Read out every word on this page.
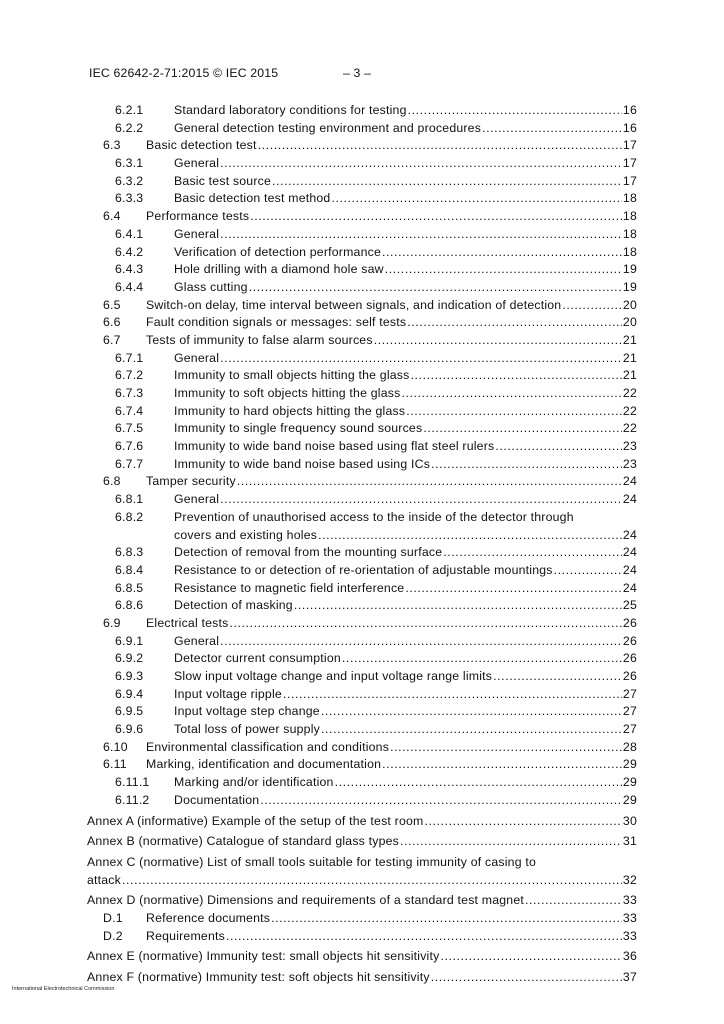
IEC 62642-2-71:2015 © IEC 2015	– 3 –
6.2.1 Standard laboratory conditions for testing .....	16
6.2.2 General detection testing environment and procedures .....	16
6.3 Basic detection test .....	17
6.3.1 General .....	17
6.3.2 Basic test source .....	17
6.3.3 Basic detection test method .....	18
6.4 Performance tests .....	18
6.4.1 General .....	18
6.4.2 Verification of detection performance .....	18
6.4.3 Hole drilling with a diamond hole saw .....	19
6.4.4 Glass cutting .....	19
6.5 Switch-on delay, time interval between signals, and indication of detection .....	20
6.6 Fault condition signals or messages: self tests .....	20
6.7 Tests of immunity to false alarm sources .....	21
6.7.1 General .....	21
6.7.2 Immunity to small objects hitting the glass .....	21
6.7.3 Immunity to soft objects hitting the glass .....	22
6.7.4 Immunity to hard objects hitting the glass .....	22
6.7.5 Immunity to single frequency sound sources .....	22
6.7.6 Immunity to wide band noise based using flat steel rulers .....	23
6.7.7 Immunity to wide band noise based using ICs .....	23
6.8 Tamper security .....	24
6.8.1 General .....	24
6.8.2 Prevention of unauthorised access to the inside of the detector through
covers and existing holes .....	24
6.8.3 Detection of removal from the mounting surface .....	24
6.8.4 Resistance to or detection of re-orientation of adjustable mountings .....	24
6.8.5 Resistance to magnetic field interference .....	24
6.8.6 Detection of masking .....	25
6.9 Electrical tests .....	26
6.9.1 General .....	26
6.9.2 Detector current consumption .....	26
6.9.3 Slow input voltage change and input voltage range limits .....	26
6.9.4 Input voltage ripple .....	27
6.9.5 Input voltage step change .....	27
6.9.6 Total loss of power supply .....	27
6.10 Environmental classification and conditions .....	28
6.11 Marking, identification and documentation .....	29
6.11.1 Marking and/or identification .....	29
6.11.2 Documentation .....	29
Annex A (informative) Example of the setup of the test room .....	30
Annex B (normative) Catalogue of standard glass types .....	31
Annex C (normative) List of small tools suitable for testing immunity of casing to
attack .....	32
Annex D (normative) Dimensions and requirements of a standard test magnet .....	33
D.1 Reference documents .....	33
D.2 Requirements .....	33
Annex E (normative) Immunity test: small objects hit sensitivity .....	36
Annex F (normative) Immunity test: soft objects hit sensitivity .....	37
International Electrotechnical Commission
